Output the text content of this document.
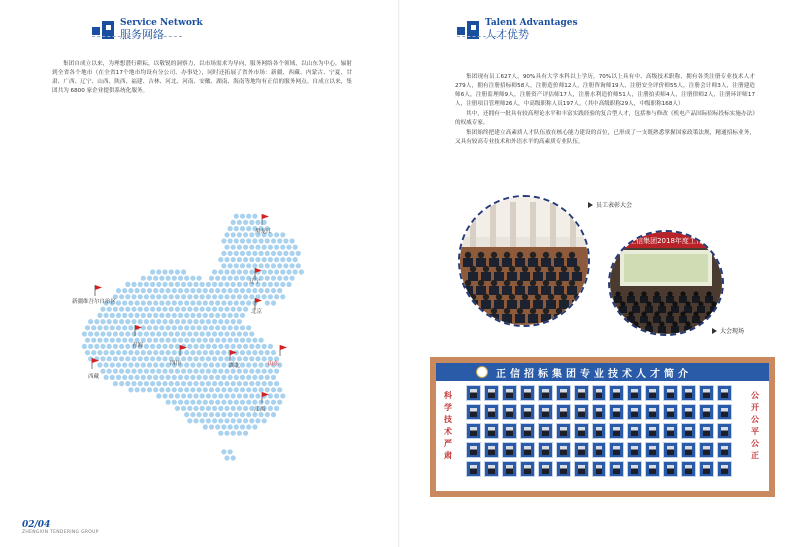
Service Network
服务网络

集团自成立以来，为理想潜行耕耘，以敬锐的洞察力，以市场需求为导向，服务网络各个领域，以山东为中心，辐射到全省各个地市（在全省17个地市均设有分公司、办事处），同时还拓展了省外市场：新疆、西藏、内蒙古、宁夏、甘肃、广西、辽宁、山西、陕西、福建、吉林、河北、河南、安徽、湖南、海南等地均有正信的服务网点。自成立以来，集团共为 6800 家企业提供系统化服务。

02/04
ZHENGXIN TENDERING GROUP
Talent Advantages
人才优势

集团现有员工627人，90%具有大学本科以上学历，70%以上具有中、高级技术职称，拥有各类注册专业技术人才279人，拥有注册招标师58人，注册造价师12人，注册咨询师19人，注册安全评价师55人，注册会计师3人，注册建造师6人，注册监理师9人，注册资产评估师17人，注册水利造价师51人，注册拍卖师4人，注册律师2人，注册环评师17人，注册项目管理师26人，中高级职称人员197人。（其中高级职称29人，中级职称168人）

其中，还拥有一批具有较高理论水平和丰富实践经验的复合型人才，包括参与修改《机电产品国际招标投标实施办法》的权威专家。

集团始终把建立高素质人才队伍放在核心能力建设的首位，已形成了一支既熟悉掌握国家政策法规，精通招标业务，又具有较高专业技术和外语水平的高素质专业队伍。

员工表彰大会
正信集团2018年度工作
大会现场
正信招标集团专业技术人才简介
科
学
技
术
严
肃
公
开
公
平
公
正
黑龙江
辽宁
北京
新疆维吾尔自治区
青海
四川	湖北	山东
西藏
江西
